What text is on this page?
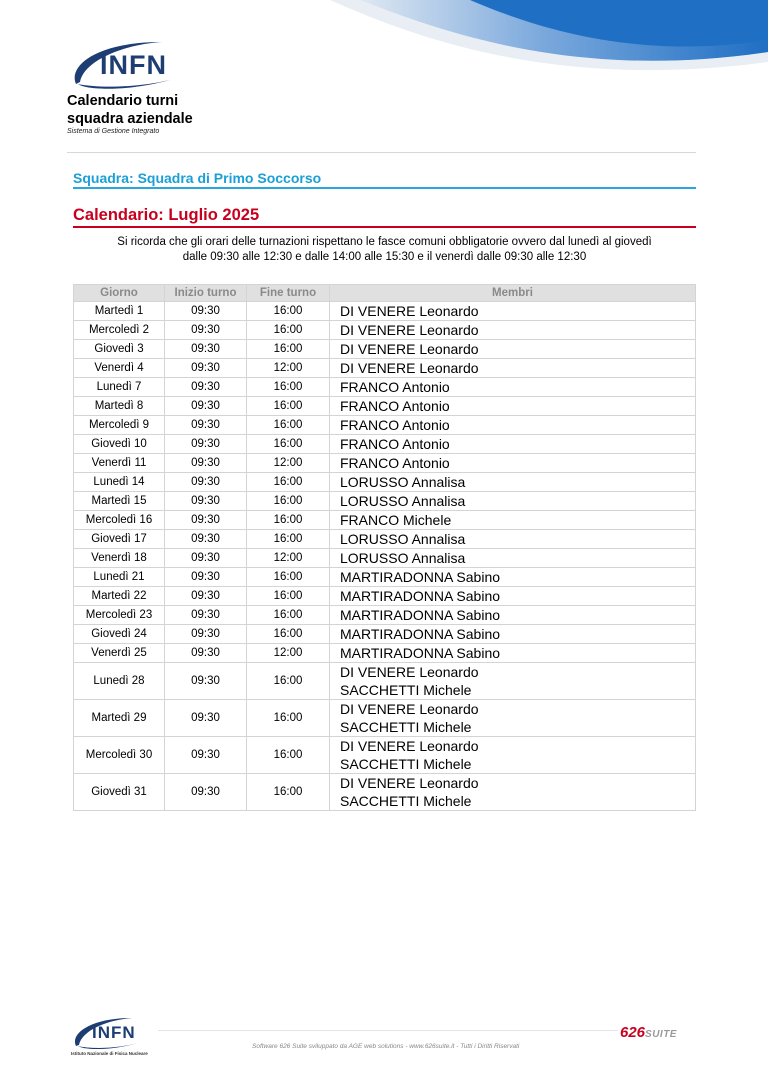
INFN
Calendario turni
squadra aziendale
Sistema di Gestione Integrato
Squadra: Squadra di Primo Soccorso
Calendario: Luglio 2025
Si ricorda che gli orari delle turnazioni rispettano le fasce comuni obbligatorie ovvero dal lunedì al giovedì
dalle 09:30 alle 12:30 e dalle 14:00 alle 15:30 e il venerdì dalle 09:30 alle 12:30
Giorno	Inizio turno	Fine turno	Membri
Martedì 1	09:30	16:00	DI VENERE Leonardo

Mercoledì 2	09:30	16:00	DI VENERE Leonardo

Giovedì 3	09:30	16:00	DI VENERE Leonardo

Venerdì 4	09:30	12:00	DI VENERE Leonardo

Lunedì 7	09:30	16:00	FRANCO Antonio

Martedì 8	09:30	16:00	FRANCO Antonio

Mercoledì 9	09:30	16:00	FRANCO Antonio

Giovedì 10	09:30	16:00	FRANCO Antonio

Venerdì 11	09:30	12:00	FRANCO Antonio

Lunedì 14	09:30	16:00	LORUSSO Annalisa

Martedì 15	09:30	16:00	LORUSSO Annalisa

Mercoledì 16	09:30	16:00	FRANCO Michele

Giovedì 17	09:30	16:00	LORUSSO Annalisa

Venerdì 18	09:30	12:00	LORUSSO Annalisa

Lunedì 21	09:30	16:00	MARTIRADONNA Sabino

Martedì 22	09:30	16:00	MARTIRADONNA Sabino

Mercoledì 23	09:30	16:00	MARTIRADONNA Sabino

Giovedì 24	09:30	16:00	MARTIRADONNA Sabino

Venerdì 25	09:30	12:00	MARTIRADONNA Sabino

Lunedì 28	09:30	16:00	DI VENERE Leonardo
SACCHETTI Michele

Martedì 29	09:30	16:00	DI VENERE Leonardo
SACCHETTI Michele

Mercoledì 30	09:30	16:00	DI VENERE Leonardo
SACCHETTI Michele

Giovedì 31	09:30	16:00	DI VENERE Leonardo
SACCHETTI Michele
INFN
Istituto Nazionale di Fisica Nucleare
Software 626 Suite sviluppato da AGE web solutions - www.626suite.it - Tutti i Diritti Riservati
626SUITE
